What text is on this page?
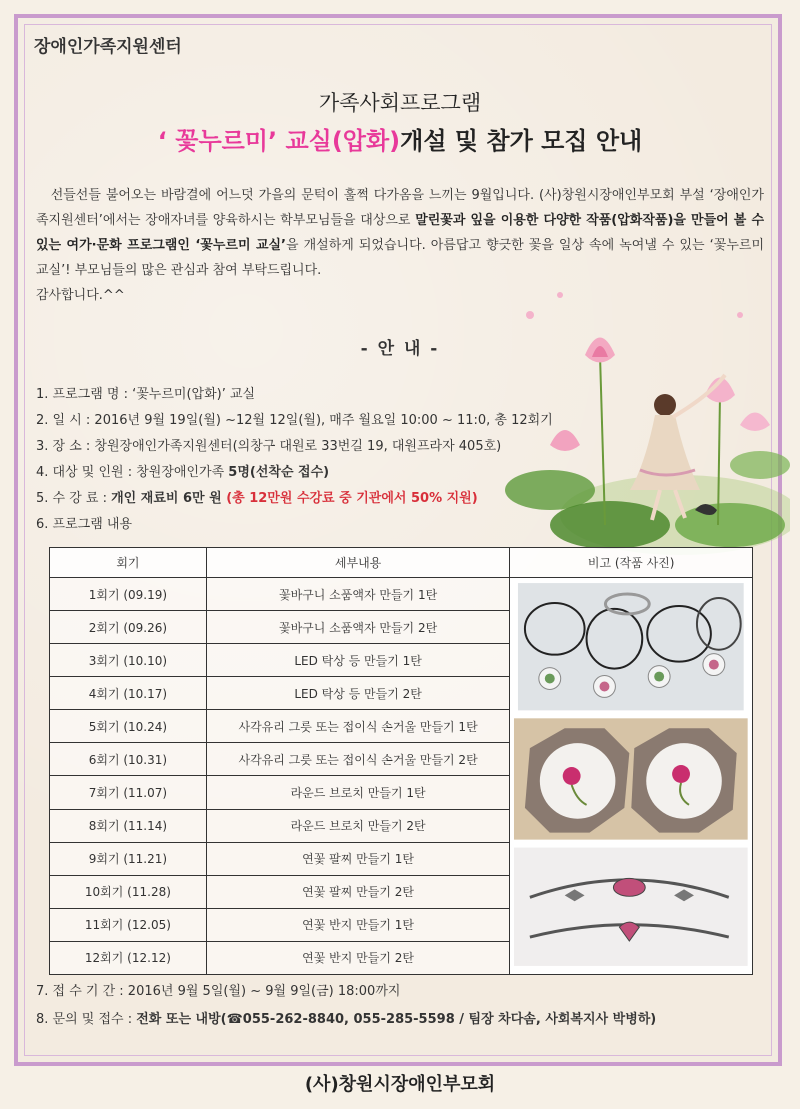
장애인가족지원센터
가족사회프로그램
‘ 꽃누르미’ 교실(압화)개설 및 참가 모집 안내
선들선들 불어오는 바람결에 어느덧 가을의 문턱이 훌쩍 다가옴을 느끼는 9월입니다. (사)창원시장애인부모회 부설 ‘장애인가족지원센터’에서는 장애자녀를 양육하시는 학부모님들을 대상으로 말린꽃과 잎을 이용한 다양한 작품(압화작품)을 만들어 볼 수 있는 여가·문화 프로그램인 ‘꽃누르미 교실’을 개설하게 되었습니다. 아름답고 향긋한 꽃을 일상 속에 녹여낼 수 있는 ‘꽃누르미 교실’! 부모님들의 많은 관심과 참여 부탁드립니다.
감사합니다.^^
- 안 내 -
1. 프로그램 명 : ‘꽃누르미(압화)’ 교실
2. 일 시 : 2016년 9월 19일(월) ~12월 12일(월), 매주 월요일 10:00 ~ 11:0, 총 12회기
3. 장 소 : 창원장애인가족지원센터(의창구 대원로 33번길 19, 대원프라자 405호)
4. 대상 및 인원 : 창원장애인가족 5명(선착순 접수)
5. 수 강 료 : 개인 재료비 6만 원 (총 12만원 수강료 중 기관에서 50% 지원)
6. 프로그램 내용
회기	세부내용	비고 (작품 사진)
1회기 (09.19)	꽃바구니 소품액자 만들기 1탄	
2회기 (09.26)	꽃바구니 소품액자 만들기 2탄	
3회기 (10.10)	LED 탁상 등 만들기 1탄	
4회기 (10.17)	LED 탁상 등 만들기 2탄	
5회기 (10.24)	사각유리 그릇 또는 접이식 손거울 만들기 1탄	
6회기 (10.31)	사각유리 그릇 또는 접이식 손거울 만들기 2탄	
7회기 (11.07)	라운드 브로치 만들기 1탄	
8회기 (11.14)	라운드 브로치 만들기 2탄	
9회기 (11.21)	연꽃 팔찌 만들기 1탄	
10회기 (11.28)	연꽃 팔찌 만들기 2탄	
11회기 (12.05)	연꽃 반지 만들기 1탄	
12회기 (12.12)	연꽃 반지 만들기 2탄	
7. 접 수 기 간 : 2016년 9월 5일(월) ~ 9월 9일(금) 18:00까지
8. 문의 및 접수 : 전화 또는 내방(☎055-262-8840, 055-285-5598 / 팀장 차다솜, 사회복지사 박병하)
(사)창원시장애인부모회
